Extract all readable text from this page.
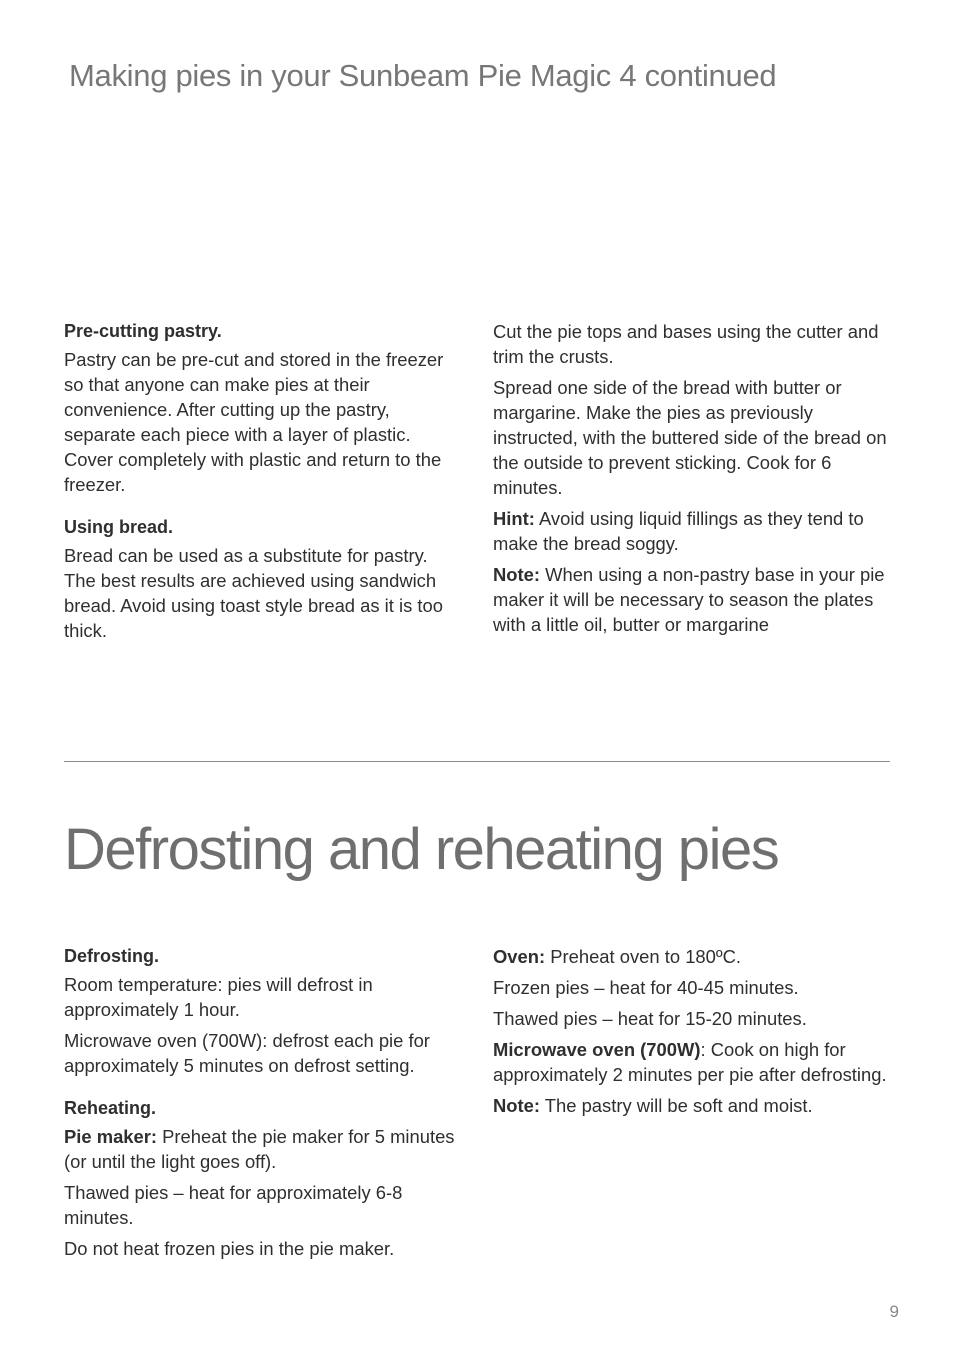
Making pies in your Sunbeam Pie Magic 4 continued
Pre-cutting pastry.

Pastry can be pre-cut and stored in the freezer so that anyone can make pies at their convenience. After cutting up the pastry, separate each piece with a layer of plastic. Cover completely with plastic and return to the freezer.

Using bread.

Bread can be used as a substitute for pastry. The best results are achieved using sandwich bread. Avoid using toast style bread as it is too thick.

Cut the pie tops and bases using the cutter and trim the crusts.

Spread one side of the bread with butter or margarine. Make the pies as previously instructed, with the buttered side of the bread on the outside to prevent sticking. Cook for 6 minutes.

Hint: Avoid using liquid fillings as they tend to make the bread soggy.

Note: When using a non-pastry base in your pie maker it will be necessary to season the plates with a little oil, butter or margarine

Defrosting and reheating pies
Defrosting.

Room temperature: pies will defrost in approximately 1 hour.

Microwave oven (700W): defrost each pie for approximately 5 minutes on defrost setting.

Reheating.

Pie maker: Preheat the pie maker for 5 minutes (or until the light goes off).

Thawed pies – heat for approximately 6-8 minutes.

Do not heat frozen pies in the pie maker.

Oven: Preheat oven to 180ºC.

Frozen pies – heat for 40-45 minutes.

Thawed pies – heat for 15-20 minutes.

Microwave oven (700W): Cook on high for approximately 2 minutes per pie after defrosting.

Note: The pastry will be soft and moist.

9
